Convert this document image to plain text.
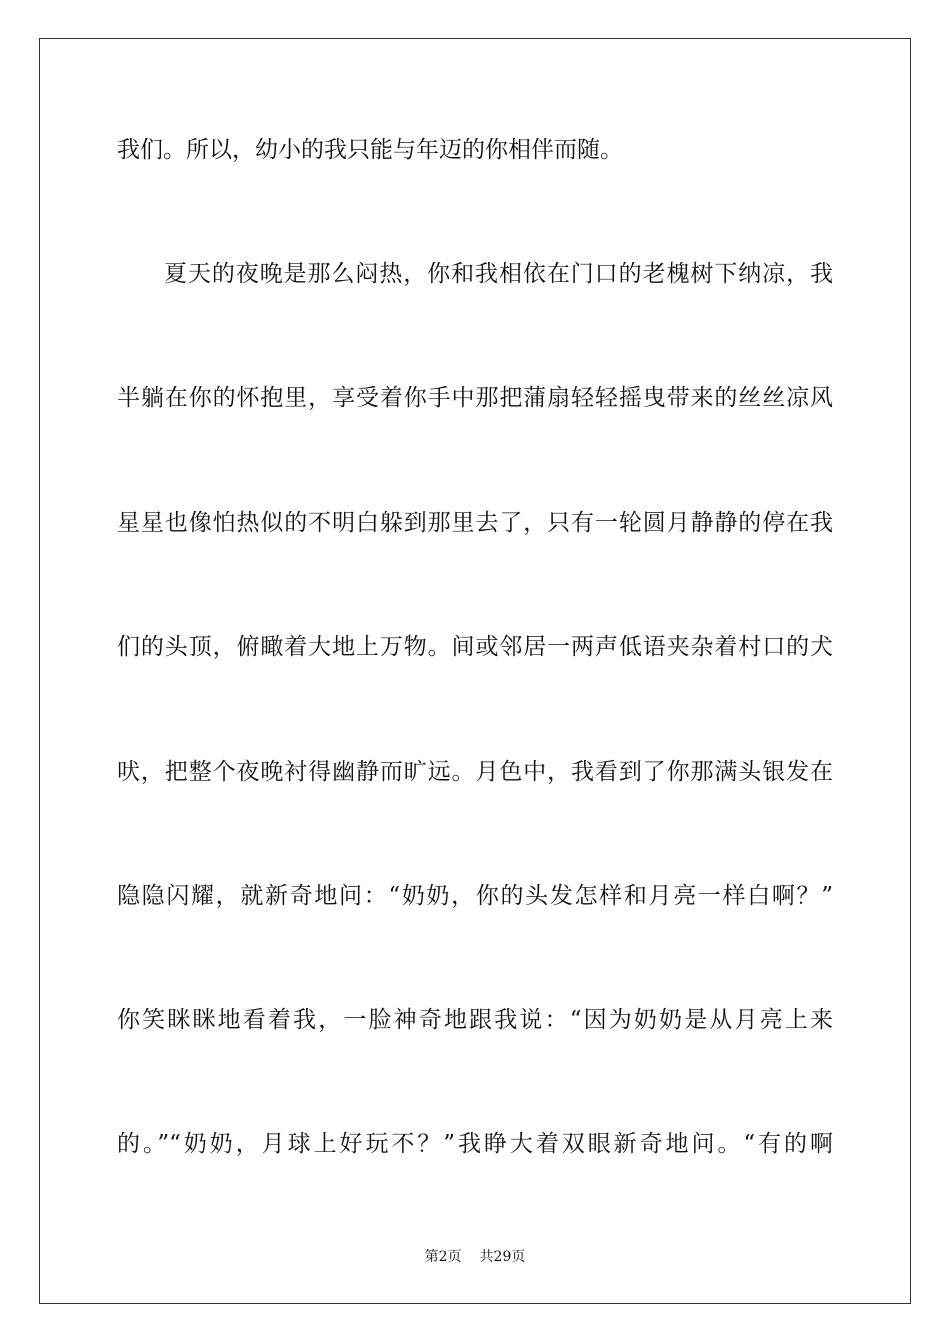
我们。所以，幼小的我只能与年迈的你相伴而随。
夏天的夜晚是那么闷热，你和我相依在门口的老槐树下纳凉，我
半躺在你的怀抱里，享受着你手中那把蒲扇轻轻摇曳带来的丝丝凉风
星星也像怕热似的不明白躲到那里去了，只有一轮圆月静静的停在我
们的头顶，俯瞰着大地上万物。间或邻居一两声低语夹杂着村口的犬
吠，把整个夜晚衬得幽静而旷远。月色中，我看到了你那满头银发在
隐隐闪耀，就新奇地问：“奶奶，你的头发怎样和月亮一样白啊？”
你笑眯眯地看着我，一脸神奇地跟我说：“因为奶奶是从月亮上来
的。”“奶奶，月球上好玩不？”我睁大着双眼新奇地问。“有的啊
第2页 共29页
